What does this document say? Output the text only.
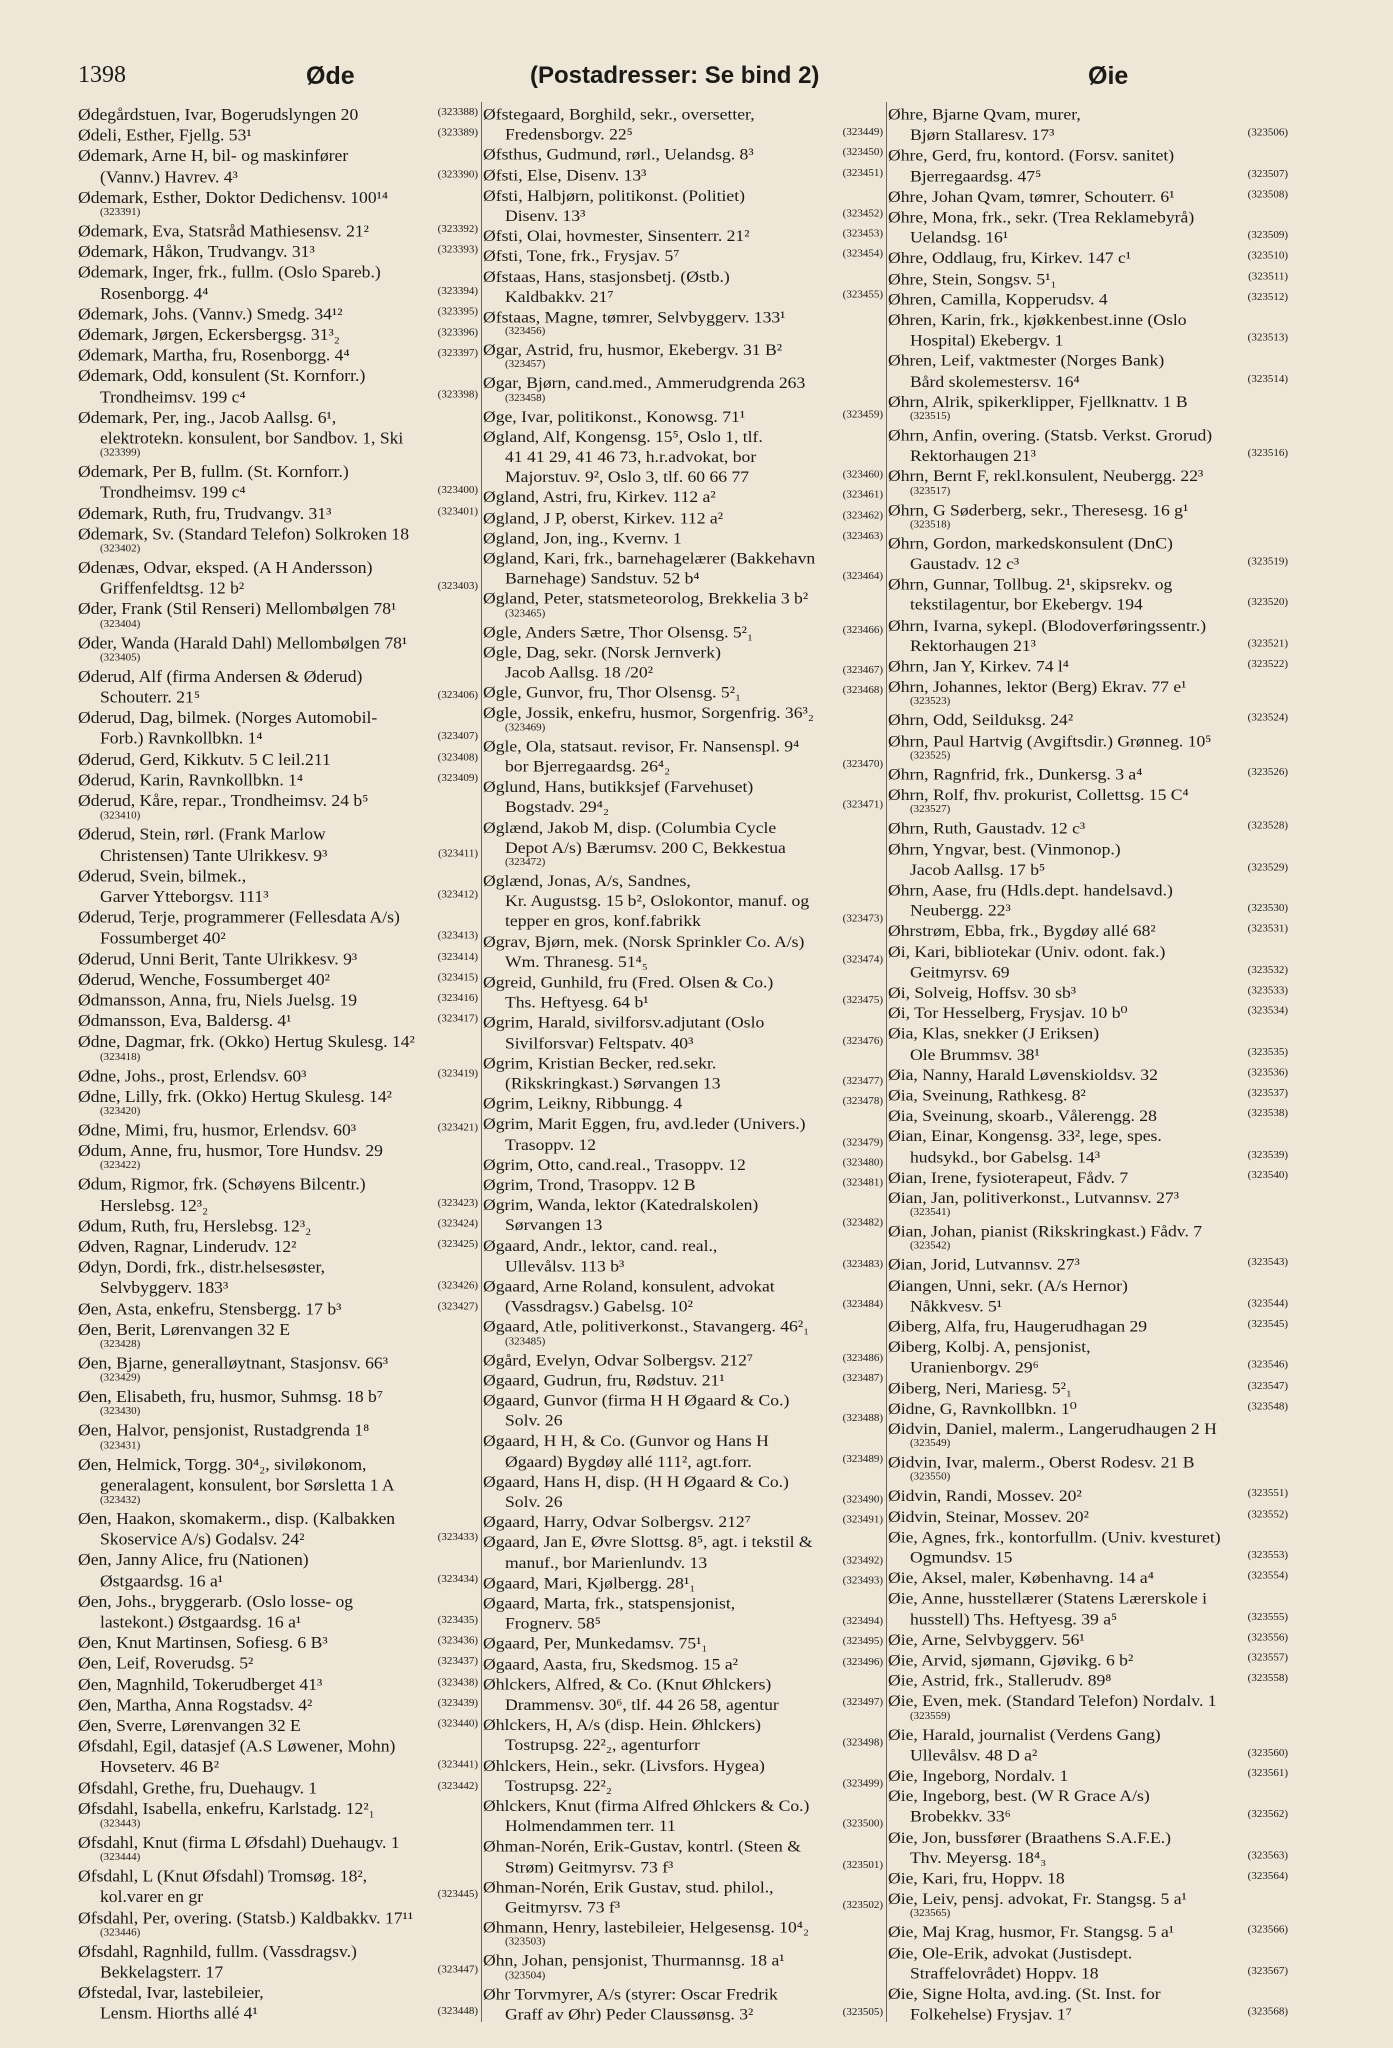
1398	Øde	(Postadresser: Se bind 2)	Øie
Ødegårdstuen, Ivar, Bogerudslyngen 20	(323388)
Ødeli, Esther, Fjellg. 53¹	(323389)
Ødemark, Arne H, bil- og maskinfører
(Vannv.) Havrev. 4³	(323390)
Ødemark, Esther, Doktor Dedichensv. 100¹⁴
(323391)
Ødemark, Eva, Statsråd Mathiesensv. 21²	(323392)
Ødemark, Håkon, Trudvangv. 31³	(323393)
Ødemark, Inger, frk., fullm. (Oslo Spareb.)
Rosenborgg. 4⁴	(323394)
Ødemark, Johs. (Vannv.) Smedg. 34¹²	(323395)
Ødemark, Jørgen, Eckersbergsg. 31³₂	(323396)
Ødemark, Martha, fru, Rosenborgg. 4⁴	(323397)
Ødemark, Odd, konsulent (St. Kornforr.)
Trondheimsv. 199 c⁴	(323398)
Ødemark, Per, ing., Jacob Aallsg. 6¹,
elektrotekn. konsulent, bor Sandbov. 1, Ski
(323399)
Ødemark, Per B, fullm. (St. Kornforr.)
Trondheimsv. 199 c⁴	(323400)
Ødemark, Ruth, fru, Trudvangv. 31³	(323401)
Ødemark, Sv. (Standard Telefon) Solkroken 18
(323402)
Ødenæs, Odvar, eksped. (A H Andersson)
Griffenfeldtsg. 12 b²	(323403)
Øder, Frank (Stil Renseri) Mellombølgen 78¹
(323404)
Øder, Wanda (Harald Dahl) Mellombølgen 78¹
(323405)
Øderud, Alf (firma Andersen & Øderud)
Schouterr. 21⁵	(323406)
Øderud, Dag, bilmek. (Norges Automobil-
Forb.) Ravnkollbkn. 1⁴	(323407)
Øderud, Gerd, Kikkutv. 5 C leil.211	(323408)
Øderud, Karin, Ravnkollbkn. 1⁴	(323409)
Øderud, Kåre, repar., Trondheimsv. 24 b⁵
(323410)
Øderud, Stein, rørl. (Frank Marlow
Christensen) Tante Ulrikkesv. 9³	(323411)
Øderud, Svein, bilmek.,
Garver Ytteborgsv. 111³	(323412)
Øderud, Terje, programmerer (Fellesdata A/s)
Fossumberget 40²	(323413)
Øderud, Unni Berit, Tante Ulrikkesv. 9³	(323414)
Øderud, Wenche, Fossumberget 40²	(323415)
Ødmansson, Anna, fru, Niels Juelsg. 19	(323416)
Ødmansson, Eva, Baldersg. 4¹	(323417)
Ødne, Dagmar, frk. (Okko) Hertug Skulesg. 14²
(323418)
Ødne, Johs., prost, Erlendsv. 60³	(323419)
Ødne, Lilly, frk. (Okko) Hertug Skulesg. 14²
(323420)
Ødne, Mimi, fru, husmor, Erlendsv. 60³	(323421)
Ødum, Anne, fru, husmor, Tore Hundsv. 29
(323422)
Ødum, Rigmor, frk. (Schøyens Bilcentr.)
Herslebsg. 12³₂	(323423)
Ødum, Ruth, fru, Herslebsg. 12³₂	(323424)
Ødven, Ragnar, Linderudv. 12²	(323425)
Ødyn, Dordi, frk., distr.helsesøster,
Selvbyggerv. 183³	(323426)
Øen, Asta, enkefru, Stensbergg. 17 b³	(323427)
Øen, Berit, Lørenvangen 32 E
(323428)
Øen, Bjarne, generalløytnant, Stasjonsv. 66³
(323429)
Øen, Elisabeth, fru, husmor, Suhmsg. 18 b⁷
(323430)
Øen, Halvor, pensjonist, Rustadgrenda 1⁸
(323431)
Øen, Helmick, Torgg. 30⁴₂, siviløkonom,
generalagent, konsulent, bor Sørsletta 1 A
(323432)
Øen, Haakon, skomakerm., disp. (Kalbakken
Skoservice A/s) Godalsv. 24²	(323433)
Øen, Janny Alice, fru (Nationen)
Østgaardsg. 16 a¹	(323434)
Øen, Johs., bryggerarb. (Oslo losse- og
lastekont.) Østgaardsg. 16 a¹	(323435)
Øen, Knut Martinsen, Sofiesg. 6 B³	(323436)
Øen, Leif, Roverudsg. 5²	(323437)
Øen, Magnhild, Tokerudberget 41³	(323438)
Øen, Martha, Anna Rogstadsv. 4²	(323439)
Øen, Sverre, Lørenvangen 32 E	(323440)
Øfsdahl, Egil, datasjef (A.S Løwener, Mohn)
Hovseterv. 46 B²	(323441)
Øfsdahl, Grethe, fru, Duehaugv. 1	(323442)
Øfsdahl, Isabella, enkefru, Karlstadg. 12²₁
(323443)
Øfsdahl, Knut (firma L Øfsdahl) Duehaugv. 1
(323444)
Øfsdahl, L (Knut Øfsdahl) Tromsøg. 18²,
kol.varer en gr	(323445)
Øfsdahl, Per, overing. (Statsb.) Kaldbakkv. 17¹¹
(323446)
Øfsdahl, Ragnhild, fullm. (Vassdragsv.)
Bekkelagsterr. 17	(323447)
Øfstedal, Ivar, lastebileier,
Lensm. Hiorths allé 4¹	(323448)
Øfstegaard, Borghild, sekr., oversetter,
Fredensborgv. 22⁵	(323449)
Øfsthus, Gudmund, rørl., Uelandsg. 8³	(323450)
Øfsti, Else, Disenv. 13³	(323451)
Øfsti, Halbjørn, politikonst. (Politiet)
Disenv. 13³	(323452)
Øfsti, Olai, hovmester, Sinsenterr. 21²	(323453)
Øfsti, Tone, frk., Frysjav. 5⁷	(323454)
Øfstaas, Hans, stasjonsbetj. (Østb.)
Kaldbakkv. 21⁷	(323455)
Øfstaas, Magne, tømrer, Selvbyggerv. 133¹
(323456)
Øgar, Astrid, fru, husmor, Ekebergv. 31 B²
(323457)
Øgar, Bjørn, cand.med., Ammerudgrenda 263
(323458)
Øge, Ivar, politikonst., Konowsg. 71¹	(323459)
Øgland, Alf, Kongensg. 15⁵, Oslo 1, tlf.
41 41 29, 41 46 73, h.r.advokat, bor
Majorstuv. 9², Oslo 3, tlf. 60 66 77	(323460)
Øgland, Astri, fru, Kirkev. 112 a²	(323461)
Øgland, J P, oberst, Kirkev. 112 a²	(323462)
Øgland, Jon, ing., Kvernv. 1	(323463)
Øgland, Kari, frk., barnehagelærer (Bakkehavn
Barnehage) Sandstuv. 52 b⁴	(323464)
Øgland, Peter, statsmeteorolog, Brekkelia 3 b²
(323465)
Øgle, Anders Sætre, Thor Olsensg. 5²₁	(323466)
Øgle, Dag, sekr. (Norsk Jernverk)
Jacob Aallsg. 18 /20²	(323467)
Øgle, Gunvor, fru, Thor Olsensg. 5²₁	(323468)
Øgle, Jossik, enkefru, husmor, Sorgenfrig. 36³₂
(323469)
Øgle, Ola, statsaut. revisor, Fr. Nansenspl. 9⁴
bor Bjerregaardsg. 26⁴₂	(323470)
Øglund, Hans, butikksjef (Farvehuset)
Bogstadv. 29⁴₂	(323471)
Øglænd, Jakob M, disp. (Columbia Cycle
Depot A/s) Bærumsv. 200 C, Bekkestua
(323472)
Øglænd, Jonas, A/s, Sandnes,
Kr. Augustsg. 15 b², Oslokontor, manuf. og
tepper en gros, konf.fabrikk	(323473)
Øgrav, Bjørn, mek. (Norsk Sprinkler Co. A/s)
Wm. Thranesg. 51⁴₅	(323474)
Øgreid, Gunhild, fru (Fred. Olsen & Co.)
Ths. Heftyesg. 64 b¹	(323475)
Øgrim, Harald, sivilforsv.adjutant (Oslo
Sivilforsvar) Feltspatv. 40³	(323476)
Øgrim, Kristian Becker, red.sekr.
(Rikskringkast.) Sørvangen 13	(323477)
Øgrim, Leikny, Ribbungg. 4	(323478)
Øgrim, Marit Eggen, fru, avd.leder (Univers.)
Trasoppv. 12	(323479)
Øgrim, Otto, cand.real., Trasoppv. 12	(323480)
Øgrim, Trond, Trasoppv. 12 B	(323481)
Øgrim, Wanda, lektor (Katedralskolen)
Sørvangen 13	(323482)
Øgaard, Andr., lektor, cand. real.,
Ullevålsv. 113 b³	(323483)
Øgaard, Arne Roland, konsulent, advokat
(Vassdragsv.) Gabelsg. 10²	(323484)
Øgaard, Atle, politiverkonst., Stavangerg. 46²₁
(323485)
Øgård, Evelyn, Odvar Solbergsv. 212⁷	(323486)
Øgaard, Gudrun, fru, Rødstuv. 21¹	(323487)
Øgaard, Gunvor (firma H H Øgaard & Co.)
Solv. 26	(323488)
Øgaard, H H, & Co. (Gunvor og Hans H
Øgaard) Bygdøy allé 111², agt.forr.	(323489)
Øgaard, Hans H, disp. (H H Øgaard & Co.)
Solv. 26	(323490)
Øgaard, Harry, Odvar Solbergsv. 212⁷	(323491)
Øgaard, Jan E, Øvre Slottsg. 8⁵, agt. i tekstil &
manuf., bor Marienlundv. 13	(323492)
Øgaard, Mari, Kjølbergg. 28¹₁	(323493)
Øgaard, Marta, frk., statspensjonist,
Frognerv. 58⁵	(323494)
Øgaard, Per, Munkedamsv. 75¹₁	(323495)
Øgaard, Aasta, fru, Skedsmog. 15 a²	(323496)
Øhlckers, Alfred, & Co. (Knut Øhlckers)
Drammensv. 30⁶, tlf. 44 26 58, agentur	(323497)
Øhlckers, H, A/s (disp. Hein. Øhlckers)
Tostrupsg. 22²₂, agenturforr	(323498)
Øhlckers, Hein., sekr. (Livsfors. Hygea)
Tostrupsg. 22²₂	(323499)
Øhlckers, Knut (firma Alfred Øhlckers & Co.)
Holmendammen terr. 11	(323500)
Øhman-Norén, Erik-Gustav, kontrl. (Steen &
Strøm) Geitmyrsv. 73 f³	(323501)
Øhman-Norén, Erik Gustav, stud. philol.,
Geitmyrsv. 73 f³	(323502)
Øhmann, Henry, lastebileier, Helgesensg. 10⁴₂
(323503)
Øhn, Johan, pensjonist, Thurmannsg. 18 a¹
(323504)
Øhr Torvmyrer, A/s (styrer: Oscar Fredrik
Graff av Øhr) Peder Claussønsg. 3²	(323505)
Øhre, Bjarne Qvam, murer,
Bjørn Stallaresv. 17³	(323506)
Øhre, Gerd, fru, kontord. (Forsv. sanitet)
Bjerregaardsg. 47⁵	(323507)
Øhre, Johan Qvam, tømrer, Schouterr. 6¹	(323508)
Øhre, Mona, frk., sekr. (Trea Reklamebyrå)
Uelandsg. 16¹	(323509)
Øhre, Oddlaug, fru, Kirkev. 147 c¹	(323510)
Øhre, Stein, Songsv. 5¹₁	(323511)
Øhren, Camilla, Kopperudsv. 4	(323512)
Øhren, Karin, frk., kjøkkenbest.inne (Oslo
Hospital) Ekebergv. 1	(323513)
Øhren, Leif, vaktmester (Norges Bank)
Bård skolemestersv. 16⁴	(323514)
Øhrn, Alrik, spikerklipper, Fjellknattv. 1 B
(323515)
Øhrn, Anfin, overing. (Statsb. Verkst. Grorud)
Rektorhaugen 21³	(323516)
Øhrn, Bernt F, rekl.konsulent, Neubergg. 22³
(323517)
Øhrn, G Søderberg, sekr., Theresesg. 16 g¹
(323518)
Øhrn, Gordon, markedskonsulent (DnC)
Gaustadv. 12 c³	(323519)
Øhrn, Gunnar, Tollbug. 2¹, skipsrekv. og
tekstilagentur, bor Ekebergv. 194	(323520)
Øhrn, Ivarna, sykepl. (Blodoverføringssentr.)
Rektorhaugen 21³	(323521)
Øhrn, Jan Y, Kirkev. 74 l⁴	(323522)
Øhrn, Johannes, lektor (Berg) Ekrav. 77 e¹
(323523)
Øhrn, Odd, Seilduksg. 24²	(323524)
Øhrn, Paul Hartvig (Avgiftsdir.) Grønneg. 10⁵
(323525)
Øhrn, Ragnfrid, frk., Dunkersg. 3 a⁴	(323526)
Øhrn, Rolf, fhv. prokurist, Collettsg. 15 C⁴
(323527)
Øhrn, Ruth, Gaustadv. 12 c³	(323528)
Øhrn, Yngvar, best. (Vinmonop.)
Jacob Aallsg. 17 b⁵	(323529)
Øhrn, Aase, fru (Hdls.dept. handelsavd.)
Neubergg. 22³	(323530)
Øhrstrøm, Ebba, frk., Bygdøy allé 68²	(323531)
Øi, Kari, bibliotekar (Univ. odont. fak.)
Geitmyrsv. 69	(323532)
Øi, Solveig, Hoffsv. 30 sb³	(323533)
Øi, Tor Hesselberg, Frysjav. 10 b⁰	(323534)
Øia, Klas, snekker (J Eriksen)
Ole Brummsv. 38¹	(323535)
Øia, Nanny, Harald Løvenskioldsv. 32	(323536)
Øia, Sveinung, Rathkesg. 8²	(323537)
Øia, Sveinung, skoarb., Vålerengg. 28	(323538)
Øian, Einar, Kongensg. 33², lege, spes.
hudsykd., bor Gabelsg. 14³	(323539)
Øian, Irene, fysioterapeut, Fådv. 7	(323540)
Øian, Jan, politiverkonst., Lutvannsv. 27³
(323541)
Øian, Johan, pianist (Rikskringkast.) Fådv. 7
(323542)
Øian, Jorid, Lutvannsv. 27³	(323543)
Øiangen, Unni, sekr. (A/s Hernor)
Nåkkvesv. 5¹	(323544)
Øiberg, Alfa, fru, Haugerudhagan 29	(323545)
Øiberg, Kolbj. A, pensjonist,
Uranienborgv. 29⁶	(323546)
Øiberg, Neri, Mariesg. 5²₁	(323547)
Øidne, G, Ravnkollbkn. 1⁰	(323548)
Øidvin, Daniel, malerm., Langerudhaugen 2 H
(323549)
Øidvin, Ivar, malerm., Oberst Rodesv. 21 B
(323550)
Øidvin, Randi, Mossev. 20²	(323551)
Øidvin, Steinar, Mossev. 20²	(323552)
Øie, Agnes, frk., kontorfullm. (Univ. kvesturet)
Ogmundsv. 15	(323553)
Øie, Aksel, maler, Københavng. 14 a⁴	(323554)
Øie, Anne, husstellærer (Statens Lærerskole i
husstell) Ths. Heftyesg. 39 a⁵	(323555)
Øie, Arne, Selvbyggerv. 56¹	(323556)
Øie, Arvid, sjømann, Gjøvikg. 6 b²	(323557)
Øie, Astrid, frk., Stallerudv. 89⁸	(323558)
Øie, Even, mek. (Standard Telefon) Nordalv. 1
(323559)
Øie, Harald, journalist (Verdens Gang)
Ullevålsv. 48 D a²	(323560)
Øie, Ingeborg, Nordalv. 1	(323561)
Øie, Ingeborg, best. (W R Grace A/s)
Brobekkv. 33⁶	(323562)
Øie, Jon, bussfører (Braathens S.A.F.E.)
Thv. Meyersg. 18⁴₃	(323563)
Øie, Kari, fru, Hoppv. 18	(323564)
Øie, Leiv, pensj. advokat, Fr. Stangsg. 5 a¹
(323565)
Øie, Maj Krag, husmor, Fr. Stangsg. 5 a¹	(323566)
Øie, Ole-Erik, advokat (Justisdept.
Straffelovrådet) Hoppv. 18	(323567)
Øie, Signe Holta, avd.ing. (St. Inst. for
Folkehelse) Frysjav. 1⁷	(323568)
